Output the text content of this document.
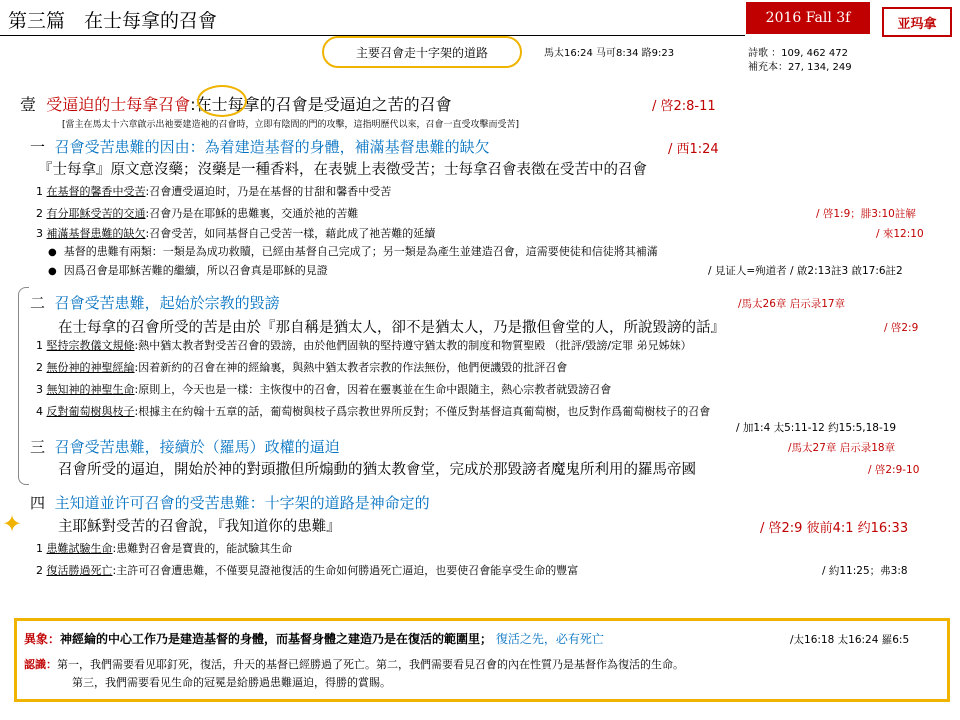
第三篇　在士每拿的召會	2016 Fall 3f	亚玛拿
主要召會走十字架的道路	馬太16:24 马可8:34 路9:23	詩歌 ：109, 462 472
補充本：27, 134, 249
壹 受逼迫的士每拿召會:在士每拿的召會是受逼迫之苦的召會	/ 啓2:8-11
[當主在馬太十六章啟示出祂要建造祂的召會時，立即有陰間的門的攻擊，這指明歷代以來，召會一直受攻擊而受苦]
一 召會受苦患難的因由：為着建造基督的身體，補滿基督患難的缺欠	/ 西1:24
『士每拿』原文意沒藥；沒藥是一種香料，在表號上表徵受苦；士每拿召會表徵在受苦中的召會
1 在基督的馨香中受苦:召會遭受逼迫时，乃是在基督的甘甜和馨香中受苦
2 有分耶穌受苦的交通:召會乃是在耶穌的患難裏，交通於祂的苦難	/ 啓1:9；腓3:10註解
3 補滿基督患難的缺欠:召會受苦，如同基督自己受苦一樣，藉此成了祂苦難的延續	/ 來12:10
● 基督的患難有兩類：一類是為成功救贖，已經由基督自己完成了；另一類是為產生並建造召會，這需要使徒和信徒將其補滿
● 因爲召會是耶穌苦難的繼續，所以召會真是耶穌的見證	/ 見证人=殉道者 / 啟2:13註3 啟17:6註2
二 召會受苦患難，起始於宗教的毀謗	/馬太26章 启示录17章
在士每拿的召會所受的苦是由於『那自稱是猶太人，卻不是猶太人，乃是撒但會堂的人，所說毀謗的話』	/ 啓2:9
1 堅持宗教儀文規條:熱中猶太教者對受苦召會的毀謗，由於他們固執的堅持遵守猶太教的制度和物質聖殿 （批評/毀謗/定罪 弟兄姊妹）
2 無份神的神聖經綸:因着新約的召會在神的經綸裏，與熱中猶太教者宗教的作法無份，他們便譏毀的批評召會
3 無知神的神聖生命:原則上，今天也是一樣：主恢復中的召會，因着在靈裏並在生命中跟隨主，熱心宗教者就毀謗召會
4 反對葡萄樹與枝子:根據主在約翰十五章的話，葡萄樹與枝子爲宗教世界所反對；不僅反對基督這真葡萄樹，也反對作爲葡萄樹枝子的召會
/ 加1:4 太5:11-12 约15:5,18-19
三 召會受苦患難，接續於（羅馬）政權的逼迫	/馬太27章 启示录18章
召會所受的逼迫，開始於神的對頭撒但所煽動的猶太教會堂，完成於那毀謗者魔鬼所利用的羅馬帝國	/ 啓2:9-10
四 主知道並许可召會的受苦患難：十字架的道路是神命定的
✦ 主耶穌對受苦的召會說，『我知道你的患難』	/ 啓2:9 彼前4:1 约16:33
1 患難試驗生命:患難對召會是寶貴的，能試驗其生命
2 復活勝過死亡:主許可召會遭患難，不僅要見證祂復活的生命如何勝過死亡逼迫，也要使召會能享受生命的豐富	/ 約11:25；弗3:8
異象：神經綸的中心工作乃是建造基督的身體，而基督身體之建造乃是在復活的範圍里； 復活之先，必有死亡	/太16:18 太16:24 羅6:5
認識：第一，我們需要看见耶釘死，復活，升天的基督已經勝過了死亡。第二，我們需要看見召會的內在性質乃是基督作為復活的生命。
第三，我們需要看见生命的冠冕是給勝過患難逼迫，得勝的賞賜。
